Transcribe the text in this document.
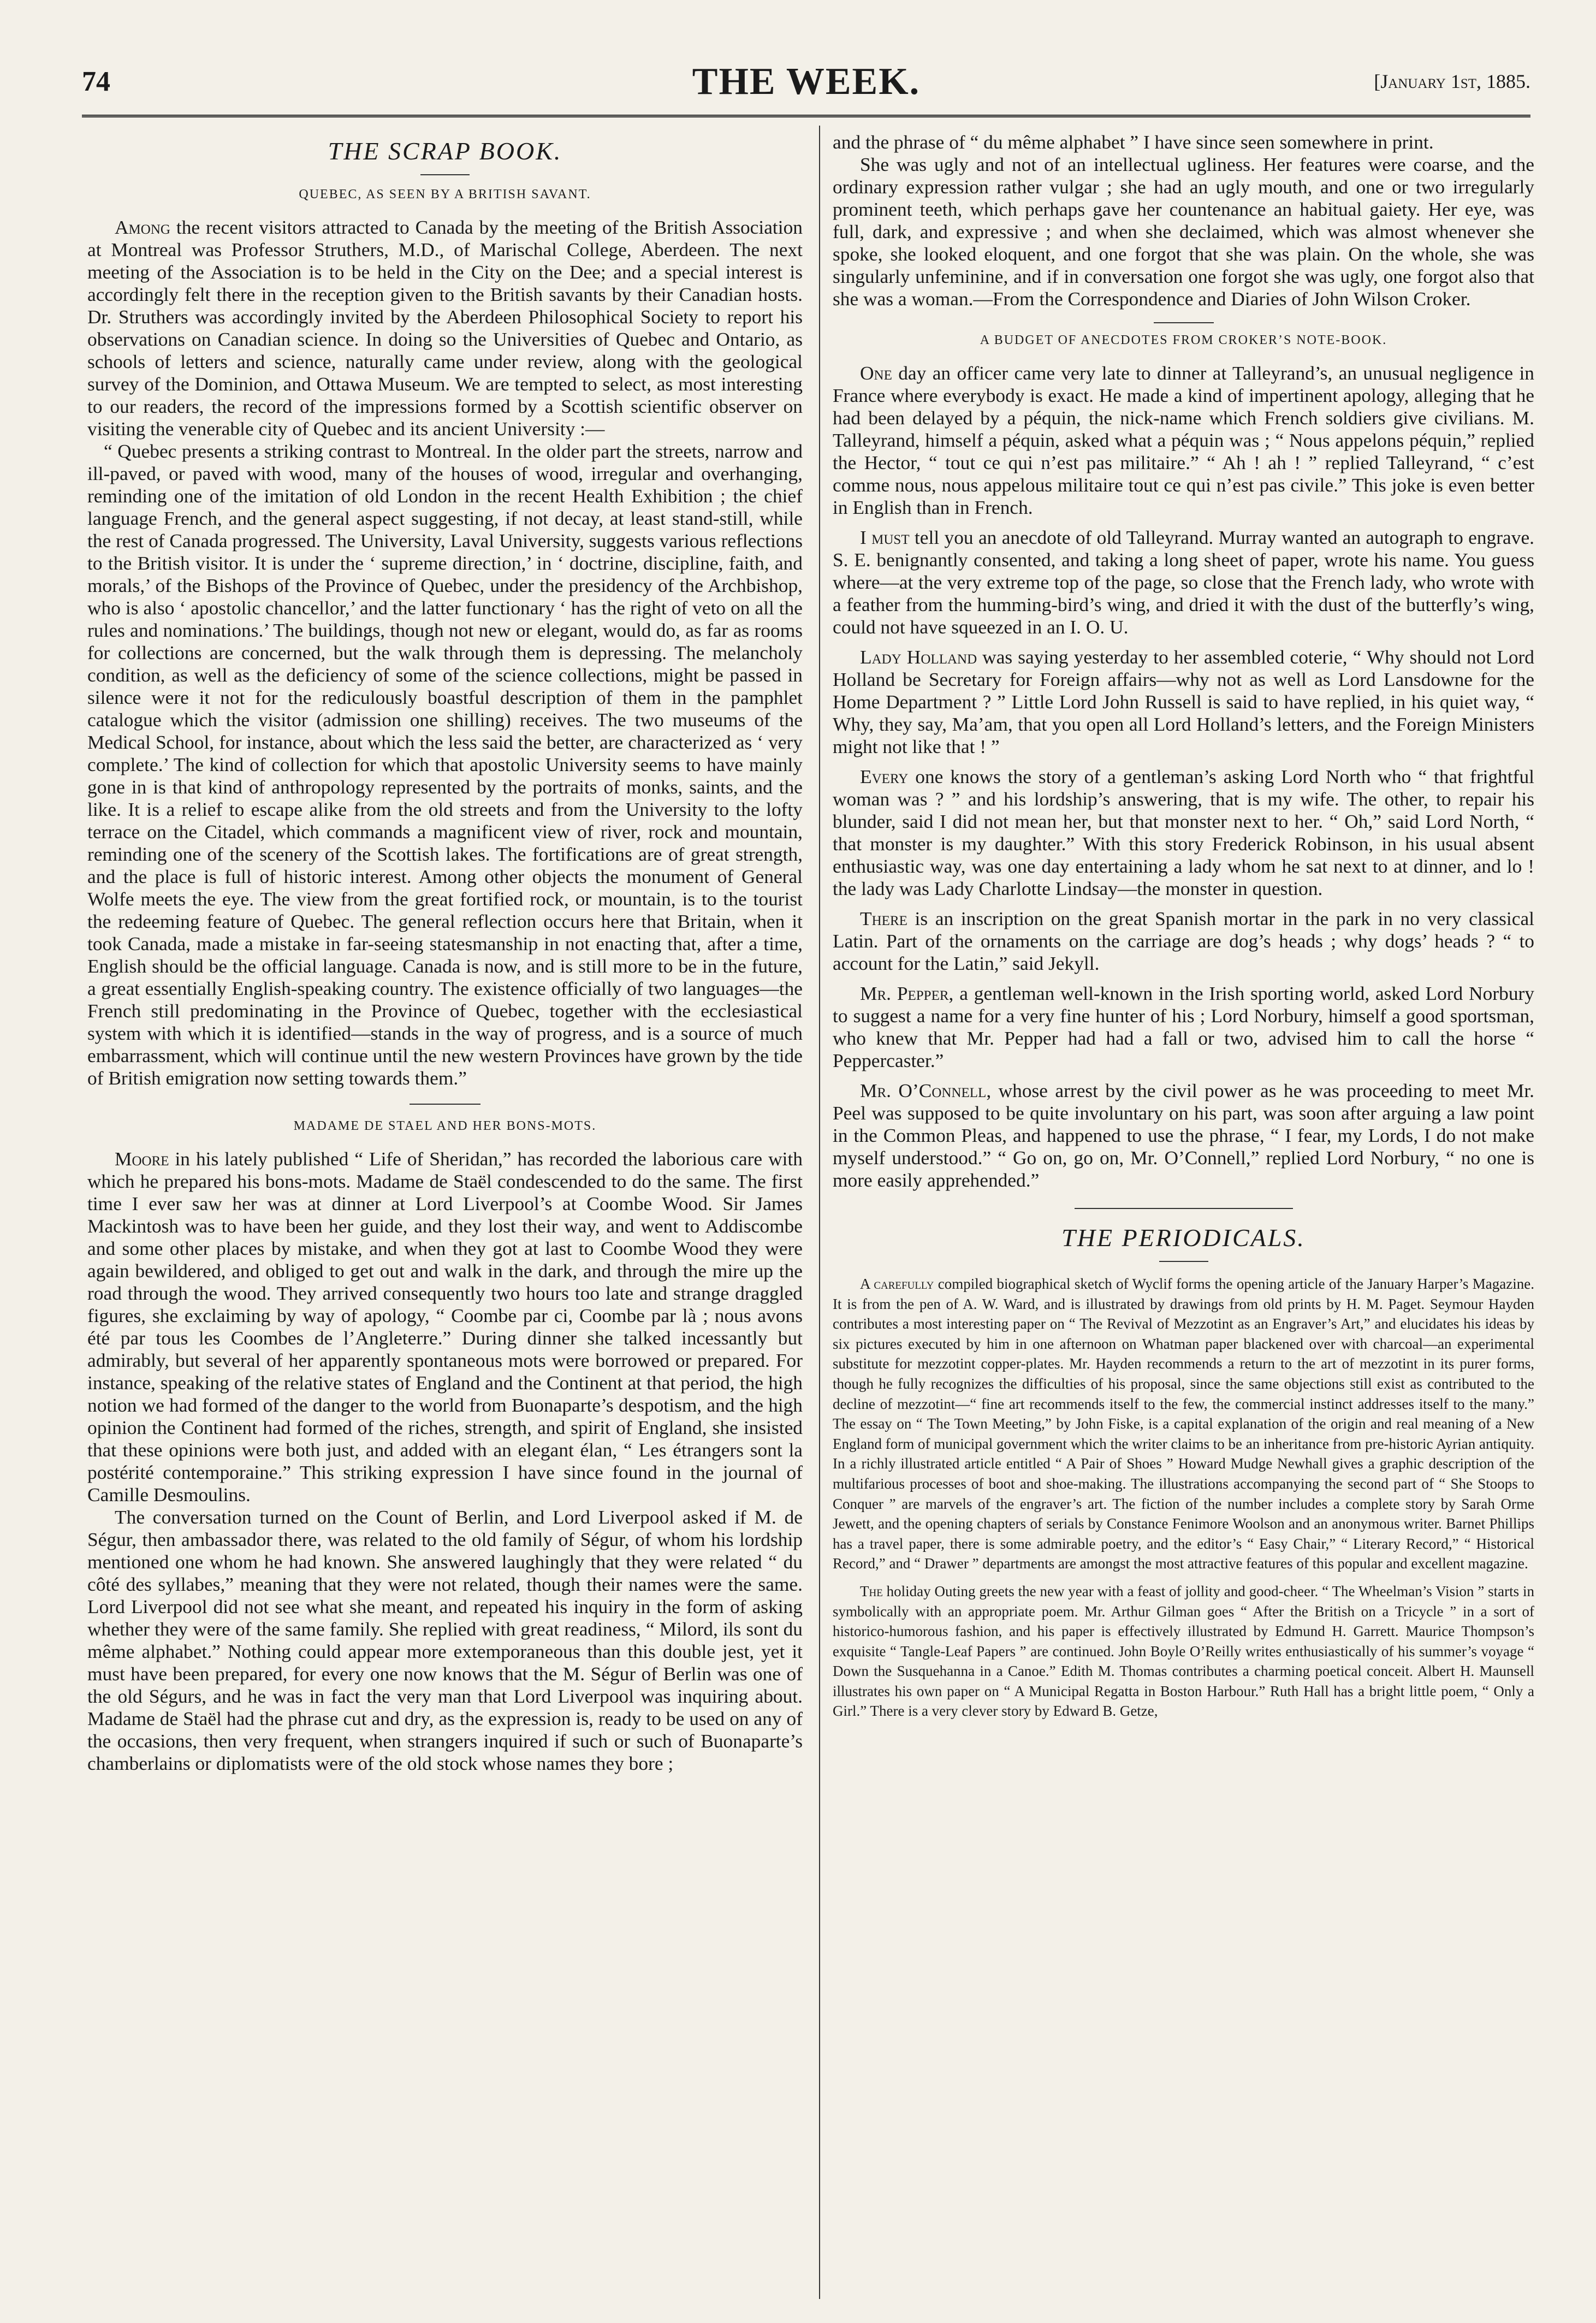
74	THE WEEK.	[January 1st, 1885.
THE SCRAP BOOK.
QUEBEC, AS SEEN BY A BRITISH SAVANT.

Among the recent visitors attracted to Canada by the meeting of the British Association at Montreal was Professor Struthers, M.D., of Marischal College, Aberdeen. The next meeting of the Association is to be held in the City on the Dee; and a special interest is accordingly felt there in the reception given to the British savants by their Canadian hosts. Dr. Struthers was accordingly invited by the Aberdeen Philosophical Society to report his observations on Canadian science. In doing so the Universities of Quebec and Ontario, as schools of letters and science, naturally came under review, along with the geological survey of the Dominion, and Ottawa Museum. We are tempted to select, as most interesting to our readers, the record of the impressions formed by a Scottish scientific observer on visiting the venerable city of Quebec and its ancient University :—

“ Quebec presents a striking contrast to Montreal. In the older part the streets, narrow and ill-paved, or paved with wood, many of the houses of wood, irregular and overhanging, reminding one of the imitation of old London in the recent Health Exhibition ; the chief language French, and the general aspect suggesting, if not decay, at least stand-still, while the rest of Canada progressed. The University, Laval University, suggests various reflections to the British visitor. It is under the ‘ supreme direction,’ in ‘ doctrine, discipline, faith, and morals,’ of the Bishops of the Province of Quebec, under the presidency of the Archbishop, who is also ‘ apostolic chancellor,’ and the latter functionary ‘ has the right of veto on all the rules and nominations.’ The buildings, though not new or elegant, would do, as far as rooms for collections are concerned, but the walk through them is depressing. The melancholy condition, as well as the deficiency of some of the science collections, might be passed in silence were it not for the rediculously boastful description of them in the pamphlet catalogue which the visitor (admission one shilling) receives. The two museums of the Medical School, for instance, about which the less said the better, are characterized as ‘ very complete.’ The kind of collection for which that apostolic University seems to have mainly gone in is that kind of anthropology represented by the portraits of monks, saints, and the like. It is a relief to escape alike from the old streets and from the University to the lofty terrace on the Citadel, which commands a magnificent view of river, rock and mountain, reminding one of the scenery of the Scottish lakes. The fortifications are of great strength, and the place is full of historic interest. Among other objects the monument of General Wolfe meets the eye. The view from the great fortified rock, or mountain, is to the tourist the redeeming feature of Quebec. The general reflection occurs here that Britain, when it took Canada, made a mistake in far-seeing statesmanship in not enacting that, after a time, English should be the official language. Canada is now, and is still more to be in the future, a great essentially English-speaking country. The existence officially of two languages—the French still predominating in the Province of Quebec, together with the ecclesiastical system with which it is identified—stands in the way of progress, and is a source of much embarrassment, which will continue until the new western Provinces have grown by the tide of British emigration now setting towards them.”

MADAME DE STAEL AND HER BONS-MOTS.

Moore in his lately published “ Life of Sheridan,” has recorded the laborious care with which he prepared his bons-mots. Madame de Staël condescended to do the same. The first time I ever saw her was at dinner at Lord Liverpool’s at Coombe Wood. Sir James Mackintosh was to have been her guide, and they lost their way, and went to Addiscombe and some other places by mistake, and when they got at last to Coombe Wood they were again bewildered, and obliged to get out and walk in the dark, and through the mire up the road through the wood. They arrived consequently two hours too late and strange draggled figures, she exclaiming by way of apology, “ Coombe par ci, Coombe par là ; nous avons été par tous les Coombes de l’Angleterre.” During dinner she talked incessantly but admirably, but several of her apparently spontaneous mots were borrowed or prepared. For instance, speaking of the relative states of England and the Continent at that period, the high notion we had formed of the danger to the world from Buonaparte’s despotism, and the high opinion the Continent had formed of the riches, strength, and spirit of England, she insisted that these opinions were both just, and added with an elegant élan, “ Les étrangers sont la postérité contemporaine.” This striking expression I have since found in the journal of Camille Desmoulins.

The conversation turned on the Count of Berlin, and Lord Liverpool asked if M. de Ségur, then ambassador there, was related to the old family of Ségur, of whom his lordship mentioned one whom he had known. She answered laughingly that they were related “ du côté des syllabes,” meaning that they were not related, though their names were the same. Lord Liverpool did not see what she meant, and repeated his inquiry in the form of asking whether they were of the same family. She replied with great readiness, “ Milord, ils sont du même alphabet.” Nothing could appear more extemporaneous than this double jest, yet it must have been prepared, for every one now knows that the M. Ségur of Berlin was one of the old Ségurs, and he was in fact the very man that Lord Liverpool was inquiring about. Madame de Staël had the phrase cut and dry, as the expression is, ready to be used on any of the occasions, then very frequent, when strangers inquired if such or such of Buonaparte’s chamberlains or diplomatists were of the old stock whose names they bore ;

and the phrase of “ du même alphabet ” I have since seen somewhere in print.

She was ugly and not of an intellectual ugliness. Her features were coarse, and the ordinary expression rather vulgar ; she had an ugly mouth, and one or two irregularly prominent teeth, which perhaps gave her countenance an habitual gaiety. Her eye, was full, dark, and expressive ; and when she declaimed, which was almost whenever she spoke, she looked eloquent, and one forgot that she was plain. On the whole, she was singularly unfeminine, and if in conversation one forgot she was ugly, one forgot also that she was a woman.—From the Correspondence and Diaries of John Wilson Croker.

A BUDGET OF ANECDOTES FROM CROKER’S NOTE-BOOK.

One day an officer came very late to dinner at Talleyrand’s, an unusual negligence in France where everybody is exact. He made a kind of impertinent apology, alleging that he had been delayed by a péquin, the nick-name which French soldiers give civilians. M. Talleyrand, himself a péquin, asked what a péquin was ; “ Nous appelons péquin,” replied the Hector, “ tout ce qui n’est pas militaire.” “ Ah ! ah ! ” replied Talleyrand, “ c’est comme nous, nous appelous militaire tout ce qui n’est pas civile.” This joke is even better in English than in French.

I must tell you an anecdote of old Talleyrand. Murray wanted an autograph to engrave. S. E. benignantly consented, and taking a long sheet of paper, wrote his name. You guess where—at the very extreme top of the page, so close that the French lady, who wrote with a feather from the humming-bird’s wing, and dried it with the dust of the butterfly’s wing, could not have squeezed in an I. O. U.

Lady Holland was saying yesterday to her assembled coterie, “ Why should not Lord Holland be Secretary for Foreign affairs—why not as well as Lord Lansdowne for the Home Department ? ” Little Lord John Russell is said to have replied, in his quiet way, “ Why, they say, Ma’am, that you open all Lord Holland’s letters, and the Foreign Ministers might not like that ! ”

Every one knows the story of a gentleman’s asking Lord North who “ that frightful woman was ? ” and his lordship’s answering, that is my wife. The other, to repair his blunder, said I did not mean her, but that monster next to her. “ Oh,” said Lord North, “ that monster is my daughter.” With this story Frederick Robinson, in his usual absent enthusiastic way, was one day entertaining a lady whom he sat next to at dinner, and lo ! the lady was Lady Charlotte Lindsay—the monster in question.

There is an inscription on the great Spanish mortar in the park in no very classical Latin. Part of the ornaments on the carriage are dog’s heads ; why dogs’ heads ? “ to account for the Latin,” said Jekyll.

Mr. Pepper, a gentleman well-known in the Irish sporting world, asked Lord Norbury to suggest a name for a very fine hunter of his ; Lord Norbury, himself a good sportsman, who knew that Mr. Pepper had had a fall or two, advised him to call the horse “ Peppercaster.”

Mr. O’Connell, whose arrest by the civil power as he was proceeding to meet Mr. Peel was supposed to be quite involuntary on his part, was soon after arguing a law point in the Common Pleas, and happened to use the phrase, “ I fear, my Lords, I do not make myself understood.” “ Go on, go on, Mr. O’Connell,” replied Lord Norbury, “ no one is more easily apprehended.”

THE PERIODICALS.

A carefully compiled biographical sketch of Wyclif forms the opening article of the January Harper’s Magazine. It is from the pen of A. W. Ward, and is illustrated by drawings from old prints by H. M. Paget. Seymour Hayden contributes a most interesting paper on “ The Revival of Mezzotint as an Engraver’s Art,” and elucidates his ideas by six pictures executed by him in one afternoon on Whatman paper blackened over with charcoal—an experimental substitute for mezzotint copper-plates. Mr. Hayden recommends a return to the art of mezzotint in its purer forms, though he fully recognizes the difficulties of his proposal, since the same objections still exist as contributed to the decline of mezzotint—“ fine art recommends itself to the few, the commercial instinct addresses itself to the many.” The essay on “ The Town Meeting,” by John Fiske, is a capital explanation of the origin and real meaning of a New England form of municipal government which the writer claims to be an inheritance from pre-historic Ayrian antiquity. In a richly illustrated article entitled “ A Pair of Shoes ” Howard Mudge Newhall gives a graphic description of the multifarious processes of boot and shoe-making. The illustrations accompanying the second part of “ She Stoops to Conquer ” are marvels of the engraver’s art. The fiction of the number includes a complete story by Sarah Orme Jewett, and the opening chapters of serials by Constance Fenimore Woolson and an anonymous writer. Barnet Phillips has a travel paper, there is some admirable poetry, and the editor’s “ Easy Chair,” “ Literary Record,” “ Historical Record,” and “ Drawer ” departments are amongst the most attractive features of this popular and excellent magazine.

The holiday Outing greets the new year with a feast of jollity and good-cheer. “ The Wheelman’s Vision ” starts in symbolically with an appropriate poem. Mr. Arthur Gilman goes “ After the British on a Tricycle ” in a sort of historico-humorous fashion, and his paper is effectively illustrated by Edmund H. Garrett. Maurice Thompson’s exquisite “ Tangle-Leaf Papers ” are continued. John Boyle O’Reilly writes enthusiastically of his summer’s voyage “ Down the Susquehanna in a Canoe.” Edith M. Thomas contributes a charming poetical conceit. Albert H. Maunsell illustrates his own paper on “ A Municipal Regatta in Boston Harbour.” Ruth Hall has a bright little poem, “ Only a Girl.” There is a very clever story by Edward B. Getze,
